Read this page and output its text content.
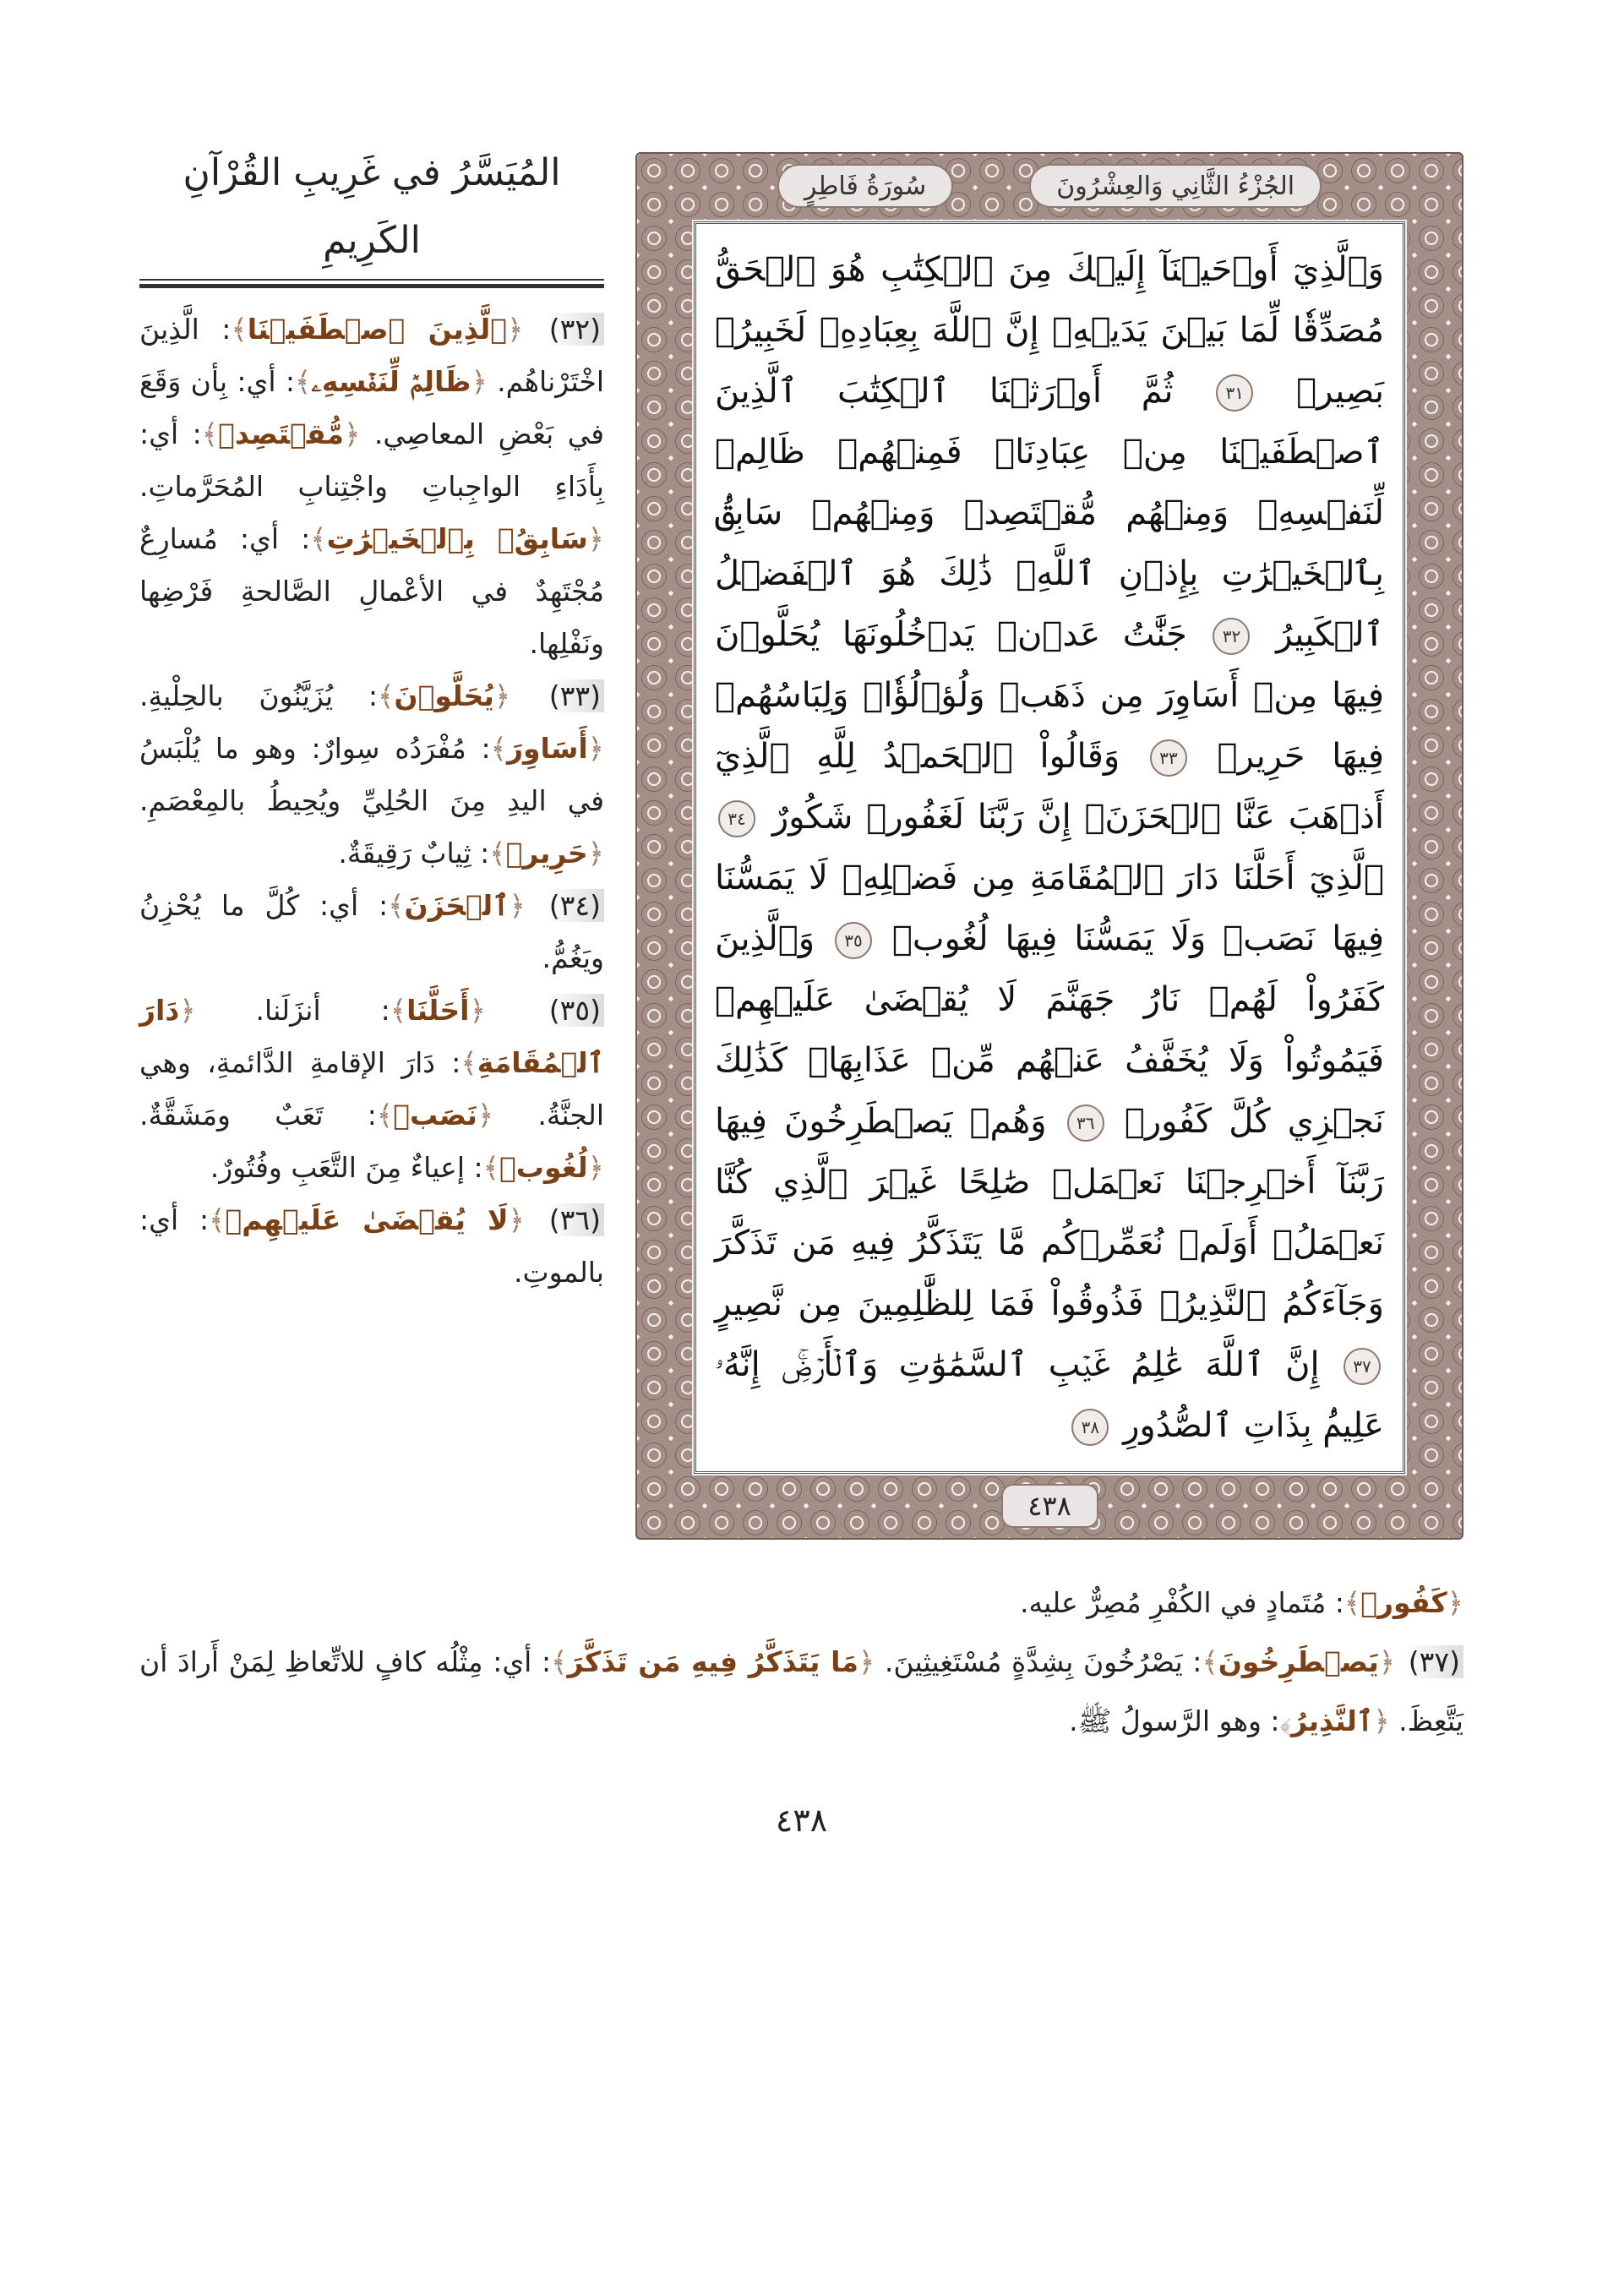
المُيَسَّرُ في غَرِيبِ القُرْآنِ الكَرِيمِ

(٣٢) ﴿ٱلَّذِينَ ٱصۡطَفَيۡنَا﴾: الَّذِينَ اخْتَرْناهُم. ﴿ظَالِمٞ لِّنَفۡسِهِۦ﴾: أي: بِأن وَقَعَ في بَعْضِ المعاصِي. ﴿مُّقۡتَصِدٞ﴾: أي: بِأَدَاءِ الواجِباتِ واجْتِنابِ المُحَرَّماتِ. ﴿سَابِقُۢ بِٱلۡخَيۡرَٰتِ﴾: أي: مُسارِعٌ مُجْتَهِدٌ في الأعْمالِ الصَّالحةِ فَرْضِها ونَفْلِها.

(٣٣) ﴿يُحَلَّوۡنَ﴾: يُزَيَّنُونَ بالحِلْيةِ. ﴿أَسَاوِرَ﴾: مُفْرَدُه سِوارٌ: وهو ما يُلْبَسُ في اليدِ مِنَ الحُلِيِّ ويُحِيطُ بالمِعْصَمِ. ﴿حَرِيرٞ﴾: ثِيابٌ رَقِيقَةٌ.

(٣٤) ﴿ٱلۡحَزَنَ﴾: أي: كُلَّ ما يُحْزِنُ ويَغُمُّ.

(٣٥) ﴿أَحَلَّنَا﴾: أنزَلَنا. ﴿دَارَ ٱلۡمُقَامَةِ﴾: دَارَ الإقامةِ الدَّائمةِ، وهي الجنَّةُ. ﴿نَصَبٞ﴾: تَعَبٌ ومَشَقَّةٌ. ﴿لُغُوبٞ﴾: إعياءٌ مِنَ التَّعَبِ وفُتُورٌ.

(٣٦) ﴿لَا يُقۡضَىٰ عَلَيۡهِمۡ﴾: أي: بالموتِ.

سُورَةُ فَاطِرٍ	الجُزْءُ الثَّانِي وَالعِشْرُونَ
وَٱلَّذِيٓ أَوۡحَيۡنَآ إِلَيۡكَ مِنَ ٱلۡكِتَٰبِ هُوَ ٱلۡحَقُّ مُصَدِّقٗا لِّمَا بَيۡنَ يَدَيۡهِۗ إِنَّ ٱللَّهَ بِعِبَادِهِۦ لَخَبِيرُۢ بَصِيرٞ ٣١ ثُمَّ أَوۡرَثۡنَا ٱلۡكِتَٰبَ ٱلَّذِينَ ٱصۡطَفَيۡنَا مِنۡ عِبَادِنَاۖ فَمِنۡهُمۡ ظَالِمٞ لِّنَفۡسِهِۦ وَمِنۡهُم مُّقۡتَصِدٞ وَمِنۡهُمۡ سَابِقُۢ بِٱلۡخَيۡرَٰتِ بِإِذۡنِ ٱللَّهِۚ ذَٰلِكَ هُوَ ٱلۡفَضۡلُ ٱلۡكَبِيرُ ٣٢ جَنَّٰتُ عَدۡنٖ يَدۡخُلُونَهَا يُحَلَّوۡنَ فِيهَا مِنۡ أَسَاوِرَ مِن ذَهَبٖ وَلُؤۡلُؤٗاۖ وَلِبَاسُهُمۡ فِيهَا حَرِيرٞ ٣٣ وَقَالُواْ ٱلۡحَمۡدُ لِلَّهِ ٱلَّذِيٓ أَذۡهَبَ عَنَّا ٱلۡحَزَنَۖ إِنَّ رَبَّنَا لَغَفُورٞ شَكُورٌ ٣٤ ٱلَّذِيٓ أَحَلَّنَا دَارَ ٱلۡمُقَامَةِ مِن فَضۡلِهِۦ لَا يَمَسُّنَا فِيهَا نَصَبٞ وَلَا يَمَسُّنَا فِيهَا لُغُوبٞ ٣٥ وَٱلَّذِينَ كَفَرُواْ لَهُمۡ نَارُ جَهَنَّمَ لَا يُقۡضَىٰ عَلَيۡهِمۡ فَيَمُوتُواْ وَلَا يُخَفَّفُ عَنۡهُم مِّنۡ عَذَابِهَاۚ كَذَٰلِكَ نَجۡزِي كُلَّ كَفُورٖ ٣٦ وَهُمۡ يَصۡطَرِخُونَ فِيهَا رَبَّنَآ أَخۡرِجۡنَا نَعۡمَلۡ صَٰلِحًا غَيۡرَ ٱلَّذِي كُنَّا نَعۡمَلُۚ أَوَلَمۡ نُعَمِّرۡكُم مَّا يَتَذَكَّرُ فِيهِ مَن تَذَكَّرَ وَجَآءَكُمُ ٱلنَّذِيرُۖ فَذُوقُواْ فَمَا لِلظَّٰلِمِينَ مِن نَّصِيرٍ ٣٧ إِنَّ ٱللَّهَ عَٰلِمُ غَيۡبِ ٱلسَّمَٰوَٰتِ وَٱلۡأَرۡضِۚ إِنَّهُۥ عَلِيمُۢ بِذَاتِ ٱلصُّدُورِ ٣٨
٤٣٨

﴿كَفُورٖ﴾: مُتَمادٍ في الكُفْرِ مُصِرٌّ عليه.

(٣٧) ﴿يَصۡطَرِخُونَ﴾: يَصْرُخُونَ بِشِدَّةٍ مُسْتَغِيثِينَ. ﴿مَا يَتَذَكَّرُ فِيهِ مَن تَذَكَّرَ﴾: أي: مِثْلُه كافٍ للاتِّعاظِ لِمَنْ أَرادَ أن يَتَّعِظَ. ﴿ٱلنَّذِيرُ﴾: وهو الرَّسولُ ﷺ.

٤٣٨
